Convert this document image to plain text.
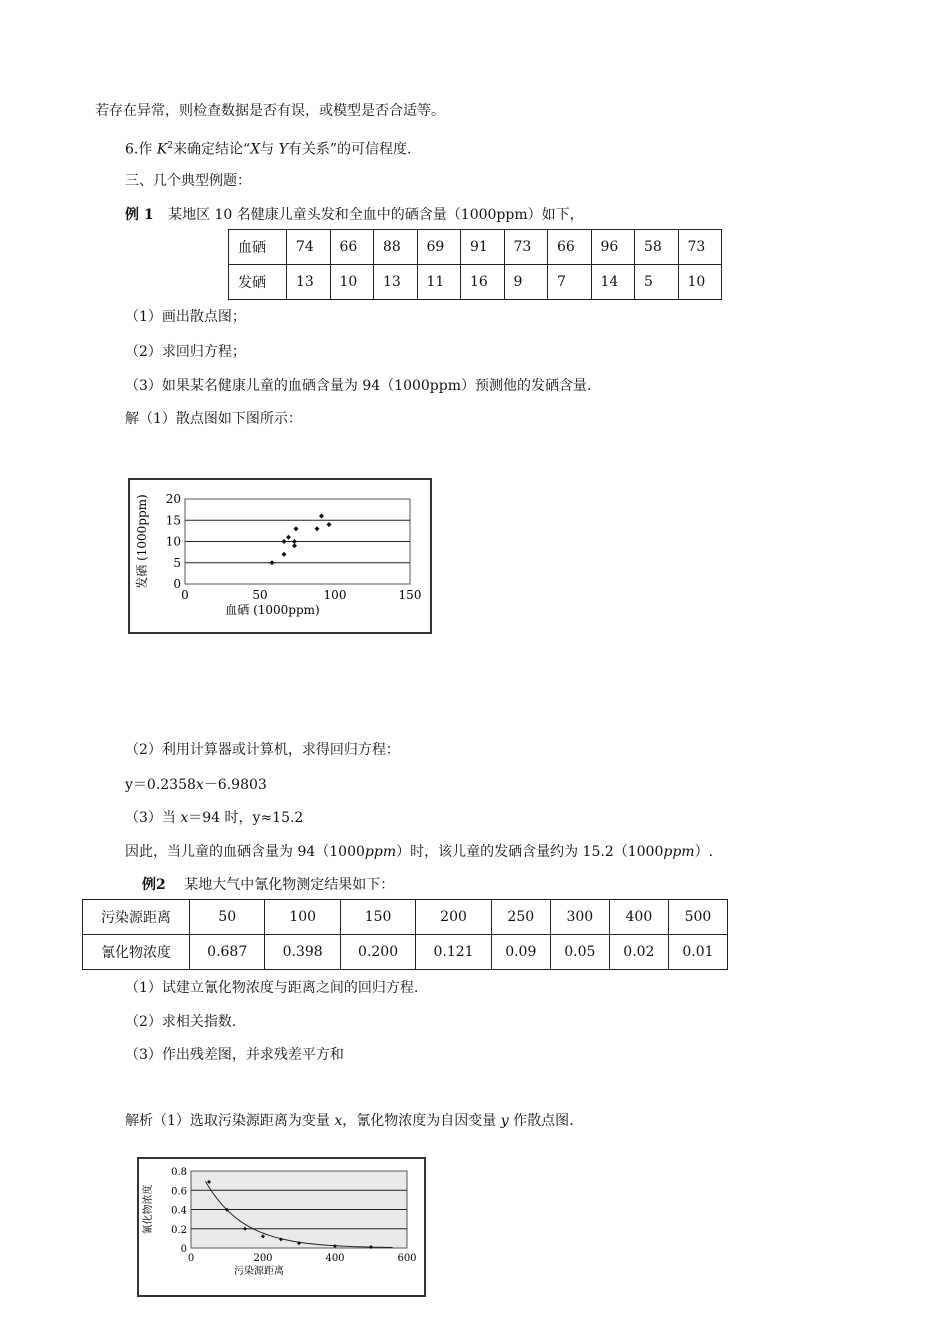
若存在异常，则检查数据是否有误，或模型是否合适等。
6.作 $K^2$来确定结论“X与 Y有关系”的可信程度.
三、几个典型例题：
例 1 某地区 10 名健康儿童头发和全血中的硒含量（1000ppm）如下，
血硒	74	66	88	69	91	73	66	96	58	73
发硒	13	10	13	11	16	9	7	14	5	10
（1）画出散点图；
（2）求回归方程；
（3）如果某名健康儿童的血硒含量为 94（1000ppm）预测他的发硒含量.
解（1）散点图如下图所示：
0
5
10
15
20
0	50	100	150
血硒 (1000ppm)
发硒 (1000ppm)
（2）利用计算器或计算机，求得回归方程：
y＝0.2358x－6.9803
（3）当 x＝94 时，y≈15.2
因此，当儿童的血硒含量为 94（1000ppm）时，该儿童的发硒含量约为 15.2（1000ppm）.
例2 某地大气中氰化物测定结果如下：
污染源距离	50	100	150	200	250	300	400	500
氰化物浓度	0.687	0.398	0.200	0.121	0.09	0.05	0.02	0.01
（1）试建立氰化物浓度与距离之间的回归方程.
（2）求相关指数.
（3）作出残差图，并求残差平方和
解析（1）选取污染源距离为变量 x，氰化物浓度为自因变量 y 作散点图.
0
0.2
0.4
0.6
0.8
0	200	400	600
污染源距离
氰化物浓度
